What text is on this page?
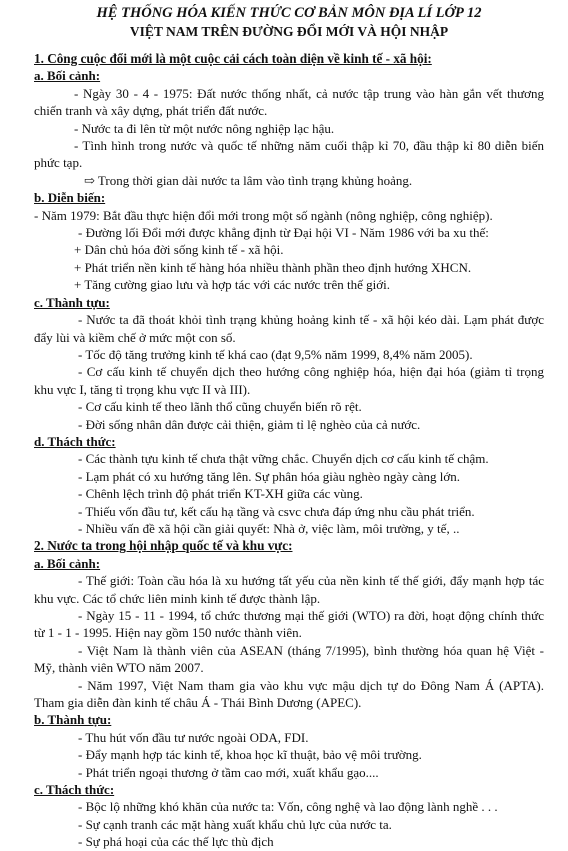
HỆ THỐNG HÓA KIẾN THỨC CƠ BẢN MÔN ĐỊA LÍ LỚP 12

VIỆT NAM TRÊN ĐƯỜNG ĐỔI MỚI VÀ HỘI NHẬP

1. Công cuộc đổi mới là một cuộc cải cách toàn diện về kinh tế - xã hội:

a. Bối cảnh:

- Ngày 30 - 4 - 1975: Đất nước thống nhất, cả nước tập trung vào hàn gắn vết thương chiến tranh và xây dựng, phát triển đất nước.

- Nước ta đi lên từ một nước nông nghiệp lạc hậu.

- Tình hình trong nước và quốc tế những năm cuối thập kỉ 70, đầu thập kỉ 80 diễn biến phức tạp.

⇨ Trong thời gian dài nước ta lâm vào tình trạng khủng hoảng.

b. Diễn biến:

- Năm 1979: Bắt đầu thực hiện đổi mới trong một số ngành (nông nghiệp, công nghiệp).

- Đường lối Đổi mới được khẳng định từ Đại hội VI - Năm 1986 với ba xu thế:

+ Dân chủ hóa đời sống kinh tế - xã hội.

+ Phát triển nền kinh tế hàng hóa nhiều thành phần theo định hướng XHCN.

+ Tăng cường giao lưu và hợp tác với các nước trên thế giới.

c. Thành tựu:

- Nước ta đã thoát khỏi tình trạng khủng hoảng kinh tế - xã hội kéo dài. Lạm phát được đẩy lùi và kiềm chế ở mức một con số.

- Tốc độ tăng trưởng kinh tế khá cao (đạt 9,5% năm 1999, 8,4% năm 2005).

- Cơ cấu kinh tế chuyển dịch theo hướng công nghiệp hóa, hiện đại hóa (giảm tỉ trọng khu vực I, tăng tỉ trọng khu vực II và III).

- Cơ cấu kinh tế theo lãnh thổ cũng chuyển biến rõ rệt.

- Đời sống nhân dân được cải thiện, giảm tỉ lệ nghèo của cả nước.

d. Thách thức:

- Các thành tựu kinh tế chưa thật vững chắc. Chuyển dịch cơ cấu kinh tế chậm.

- Lạm phát có xu hướng tăng lên. Sự phân hóa giàu nghèo ngày càng lớn.

- Chênh lệch trình độ phát triển KT-XH giữa các vùng.

- Thiếu vốn đầu tư, kết cấu hạ tầng và csvc chưa đáp ứng nhu cầu phát triển.

- Nhiều vấn đề xã hội cần giải quyết: Nhà ở, việc làm, môi trường, y tế, ..

2. Nước ta trong hội nhập quốc tế và khu vực:

a. Bối cảnh:

- Thế giới: Toàn cầu hóa là xu hướng tất yếu của nền kinh tế thế giới, đẩy mạnh hợp tác khu vực. Các tổ chức liên minh kinh tế được thành lập.

- Ngày 15 - 11 - 1994, tổ chức thương mại thế giới (WTO) ra đời, hoạt động chính thức từ 1 - 1 - 1995. Hiện nay gồm 150 nước thành viên.

- Việt Nam là thành viên của ASEAN (tháng 7/1995), bình thường hóa quan hệ Việt - Mỹ, thành viên WTO năm 2007.

- Năm 1997, Việt Nam tham gia vào khu vực mậu dịch tự do Đông Nam Á (APTA). Tham gia diễn đàn kinh tế châu Á - Thái Bình Dương (APEC).

b. Thành tựu:

- Thu hút vốn đầu tư nước ngoài ODA, FDI.

- Đẩy mạnh hợp tác kinh tế, khoa học kĩ thuật, bảo vệ môi trường.

- Phát triển ngoại thương ở tầm cao mới, xuất khẩu gạo....

c. Thách thức:

- Bộc lộ những khó khăn của nước ta: Vốn, công nghệ và lao động lành nghề . . .

- Sự cạnh tranh các mặt hàng xuất khẩu chủ lực của nước ta.

- Sự phá hoại của các thế lực thù địch
